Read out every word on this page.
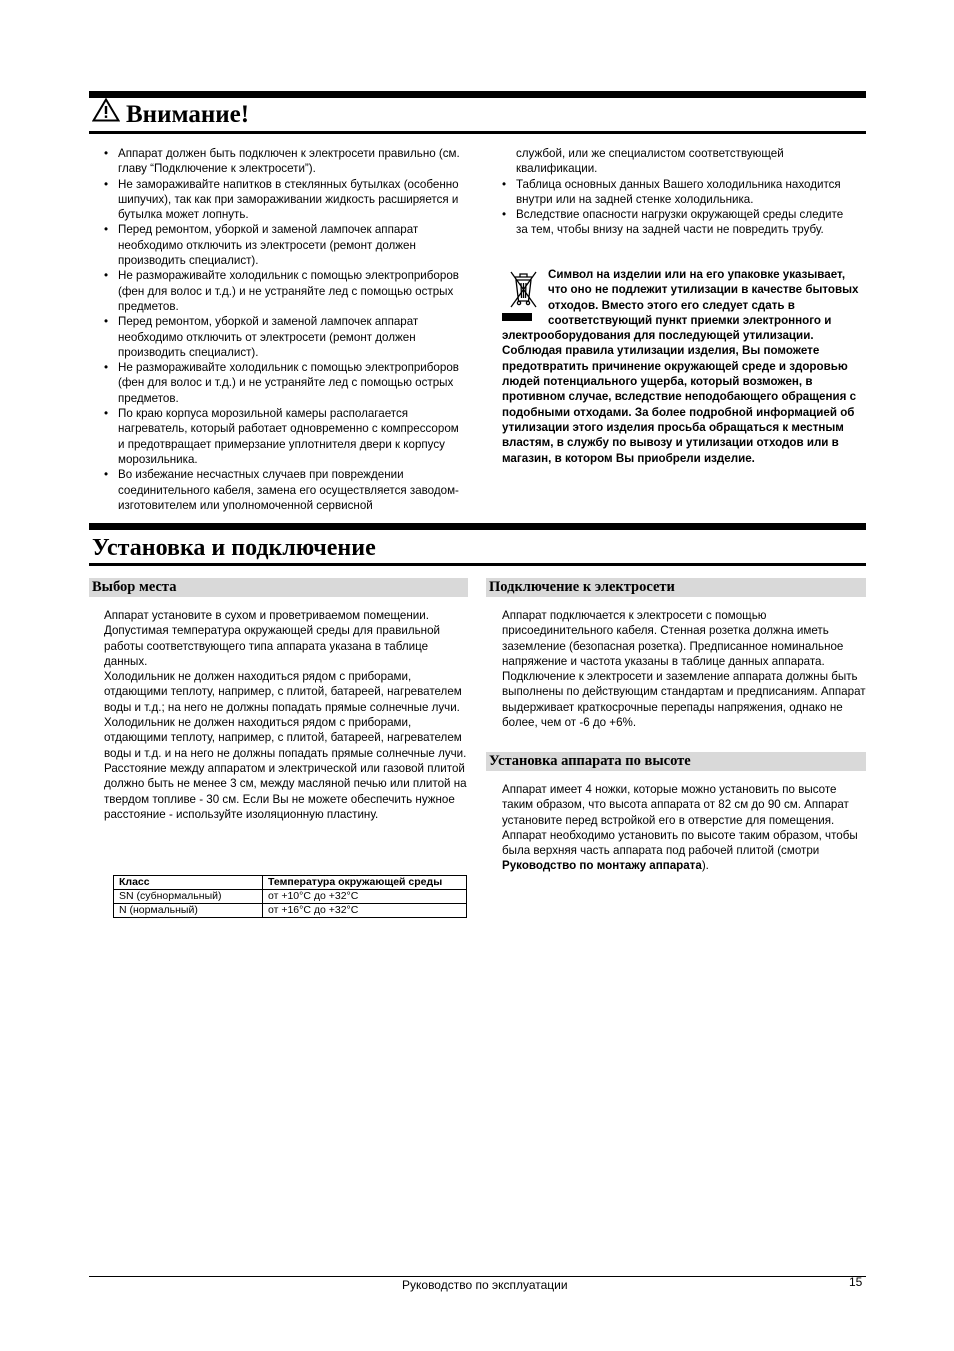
Внимание!
• Аппарат должен быть подключен к электросети правильно (см. главу “Подключение к электросети”).
• Не замораживайте напитков в стеклянных бутылках (особенно шипучих), так как при замораживании жидкость расширяется и бутылка может лопнуть.
• Перед ремонтом, уборкой и заменой лампочек аппарат необходимо отключить из электросети (ремонт должен производить специалист).
• Не размораживайте холодильник с помощью электроприборов (фен для волос и т.д.) и не устраняйте лед с помощью острых предметов.
• Перед ремонтом, уборкой и заменой лампочек аппарат необходимо отключить от электросети (ремонт должен производить специалист).
• Не размораживайте холодильник с помощью электроприборов (фен для волос и т.д.) и не устраняйте лед с помощью острых предметов.
• По краю корпуса морозильной камеры располагается нагреватель, который работает одновременно с компрессором и предотвращает примерзание уплотнителя двери к корпусу морозильника.
• Во избежание несчастных случаев при повреждении соединительного кабеля, замена его осуществляется заводом-изготовителем или уполномоченной сервисной
службой, или же специалистом соответствующей квалификации.
• Таблица основных данных Вашего холодильника находится внутри или на задней стенке холодильника.
• Вследствие опасности нагрузки окружающей среды следите за тем, чтобы внизу на задней части не повредить трубу.
Символ на изделии или на его упаковке указывает, что оно не подлежит утилизации в качестве бытовых отходов. Вместо этого его следует сдать в соответствующий пункт приемки электронного и электрооборудования для последующей утилизации. Соблюдая правила утилизации изделия, Вы поможете предотвратить причинение окружающей среде и здоровью людей потенциального ущерба, который возможен, в противном случае, вследствие неподобающего обращения с подобными отходами. За более подробной информацией об утилизации этого изделия просьба обращаться к местным властям, в службу по вывозу и утилизации отходов или в магазин, в котором Вы приобрели изделие.
Установка и подключение
Выбор места

Аппарат установите в сухом и проветриваемом помещении. Допустимая температура окружающей среды для правильной работы соответствующего типа аппарата указана в таблице данных.

Холодильник не должен находиться рядом с приборами, отдающими теплоту, например, с плитой, батареей, нагревателем воды и т.д.; на него не должны попадать прямые солнечные лучи.

Холодильник не должен находиться рядом с приборами, отдающими теплоту, например, с плитой, батареей, нагревателем воды и т.д. и на него не должны попадать прямые солнечные лучи.

Расстояние между аппаратом и электрической или газовой плитой должно быть не менее 3 см, между масляной печью или плитой на твердом топливе - 30 см. Если Вы не можете обеспечить нужное расстояние - используйте изоляционную пластину.

Класс	Температура окружающей среды
SN (субнормальный)	от +10°C до +32°C
N (нормальный)	от +16°C до +32°C
Подключение к электросети
Аппарат подключается к электросети с помощью присоединительного кабеля. Стенная розетка должна иметь заземление (безопасная розетка). Предписанное номинальное напряжение и частота указаны в таблице данных аппарата. Подключение к электросети и заземление аппарата должны быть выполнены по действующим стандартам и предписаниям. Аппарат выдерживает краткосрочные перепады напряжения, однако не более, чем от -6 до +6%.
Установка аппарата по высоте
Аппарат имеет 4 ножки, которые можно установить по высоте таким образом, что высота аппарата от 82 см до 90 см. Аппарат установите перед встройкой его в отверстие для помещения. Аппарат необходимо установить по высоте таким образом, чтобы была верхняя часть аппарата под рабочей плитой (смотри Руководство по монтажу аппарата).
Руководство по эксплуатации	15
